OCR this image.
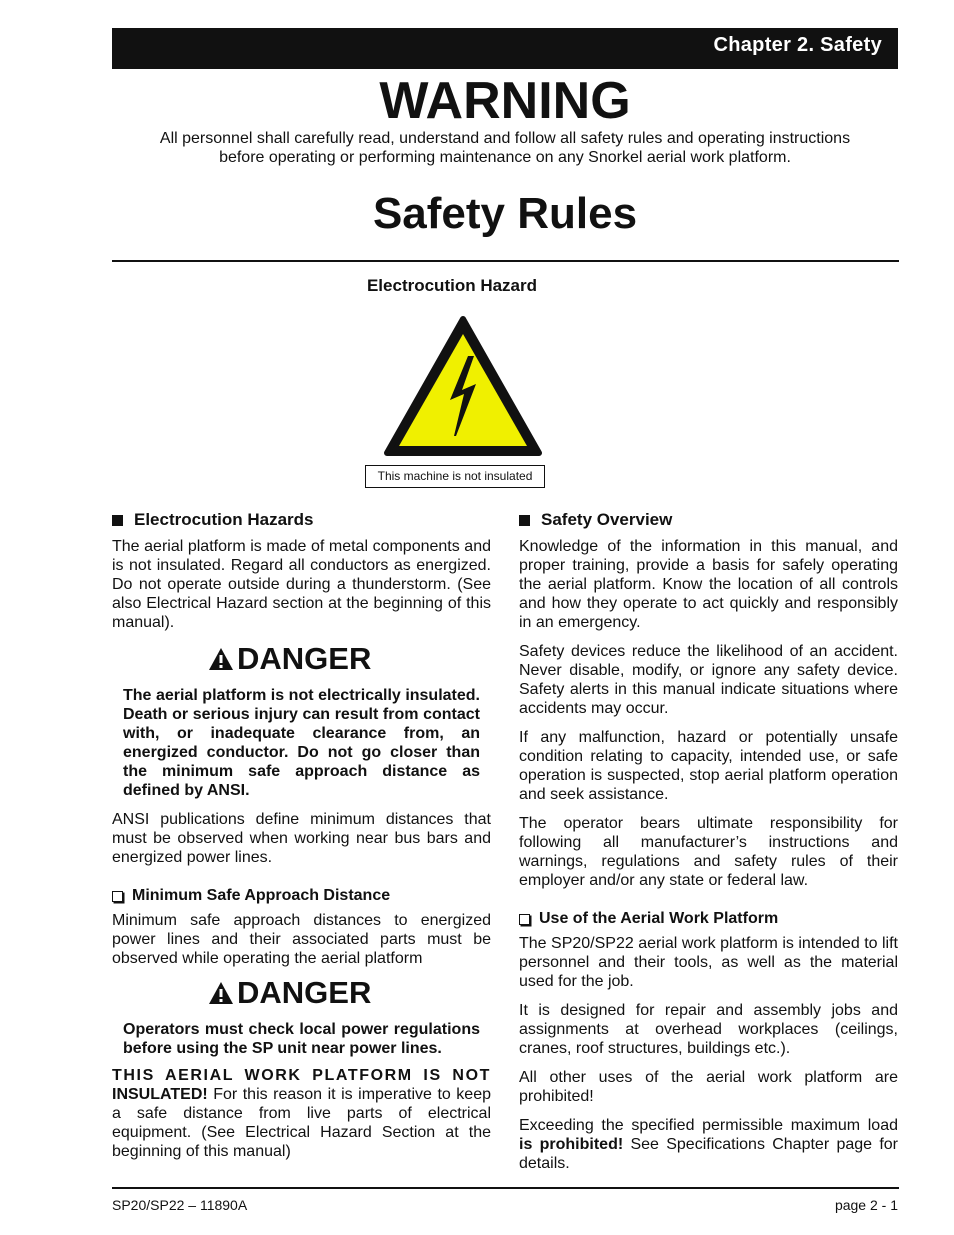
Chapter 2. Safety
WARNING
All personnel shall carefully read, understand and follow all safety rules and operating instructions
before operating or performing maintenance on any Snorkel aerial work platform.
Safety Rules
Electrocution Hazard
This machine is not insulated
Electrocution Hazards

The aerial platform is made of metal components and is not insulated. Regard all conductors as energized. Do not operate outside during a thunderstorm. (See also Electrical Hazard section at the beginning of this manual).

DANGER

The aerial platform is not electrically insulated. Death or serious injury can result from contact with, or inadequate clearance from, an energized conductor. Do not go closer than the minimum safe approach distance as defined by ANSI.

ANSI publications define minimum distances that must be observed when working near bus bars and energized power lines.

Minimum Safe Approach Distance

Minimum safe approach distances to energized power lines and their associated parts must be observed while operating the aerial platform

DANGER

Operators must check local power regulations before using the SP unit near power lines.

THIS AERIAL WORK PLATFORM IS NOT INSULATED! For this reason it is imperative to keep a safe distance from live parts of electrical equipment. (See Electrical Hazard Section at the beginning of this manual)

Safety Overview

Knowledge of the information in this manual, and proper training, provide a basis for safely operating the aerial platform. Know the location of all controls and how they operate to act quickly and responsibly in an emergency.

Safety devices reduce the likelihood of an accident. Never disable, modify, or ignore any safety device. Safety alerts in this manual indicate situations where accidents may occur.

If any malfunction, hazard or potentially unsafe condition relating to capacity, intended use, or safe operation is suspected, stop aerial platform operation and seek assistance.

The operator bears ultimate responsibility for following all manufacturer’s instructions and warnings, regulations and safety rules of their employer and/or any state or federal law.

Use of the Aerial Work Platform

The SP20/SP22 aerial work platform is intended to lift personnel and their tools, as well as the material used for the job.

It is designed for repair and assembly jobs and assignments at overhead workplaces (ceilings, cranes, roof structures, buildings etc.).

All other uses of the aerial work platform are prohibited!

Exceeding the specified permissible maximum load is prohibited! See Specifications Chapter page for details.

SP20/SP22 – 11890A	page 2 - 1
